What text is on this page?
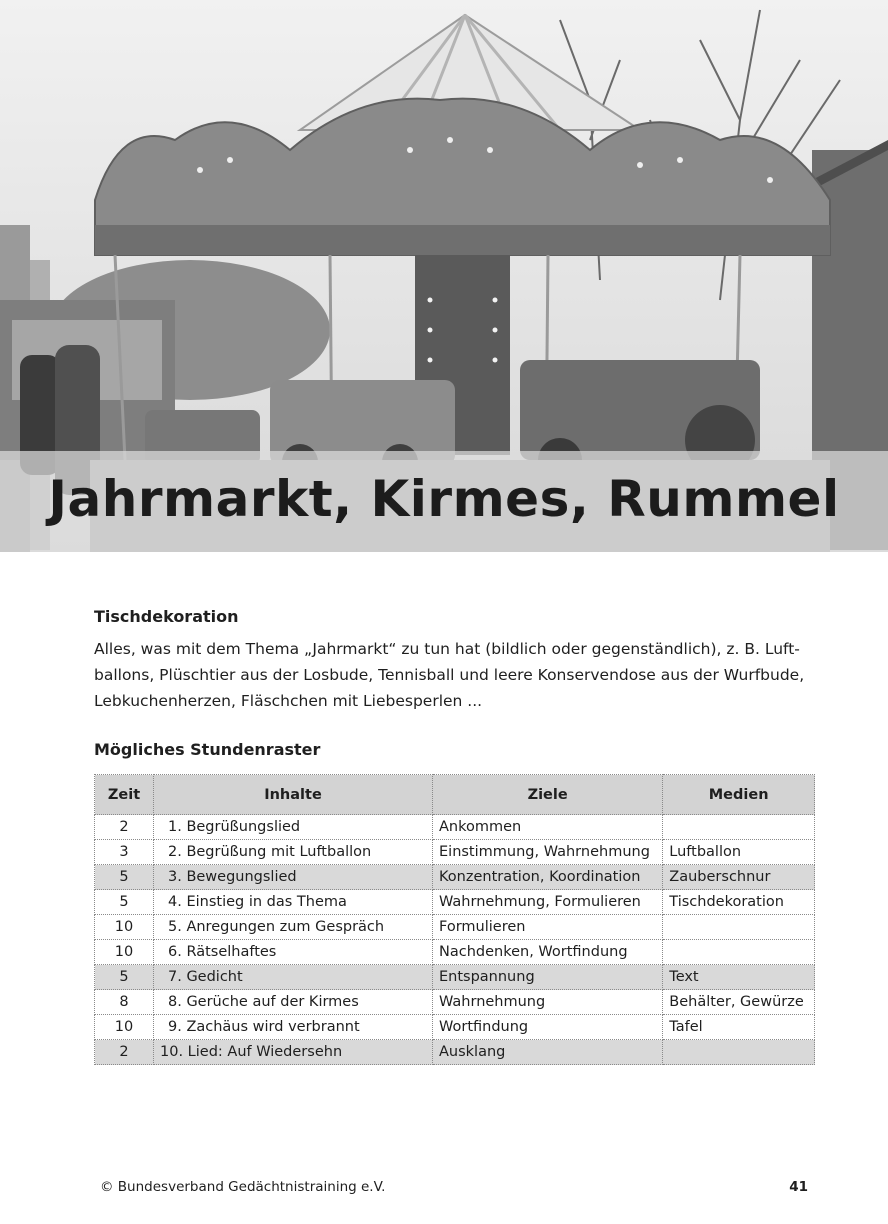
Jahrmarkt, Kirmes, Rummel
Tischdekoration
Alles, was mit dem Thema „Jahrmarkt“ zu tun hat (bildlich oder gegenständlich), z. B. Luft-
ballons, Plüschtier aus der Losbude, Tennisball und leere Konservendose aus der Wurfbude,
Lebkuchenherzen, Fläschchen mit Liebesperlen ...
Mögliches Stundenraster
Zeit	Inhalte	Ziele	Medien
2	1. Begrüßungslied	Ankommen	
3	2. Begrüßung mit Luftballon	Einstimmung, Wahrnehmung	Luftballon
5	3. Bewegungslied	Konzentration, Koordination	Zauberschnur
5	4. Einstieg in das Thema	Wahrnehmung, Formulieren	Tischdekoration
10	5. Anregungen zum Gespräch	Formulieren	
10	6. Rätselhaftes	Nachdenken, Wortfindung	
5	7. Gedicht	Entspannung	Text
8	8. Gerüche auf der Kirmes	Wahrnehmung	Behälter, Gewürze
10	9. Zachäus wird verbrannt	Wortfindung	Tafel
2	10. Lied: Auf Wiedersehn	Ausklang	
© Bundesverband Gedächtnistraining e.V.	41
